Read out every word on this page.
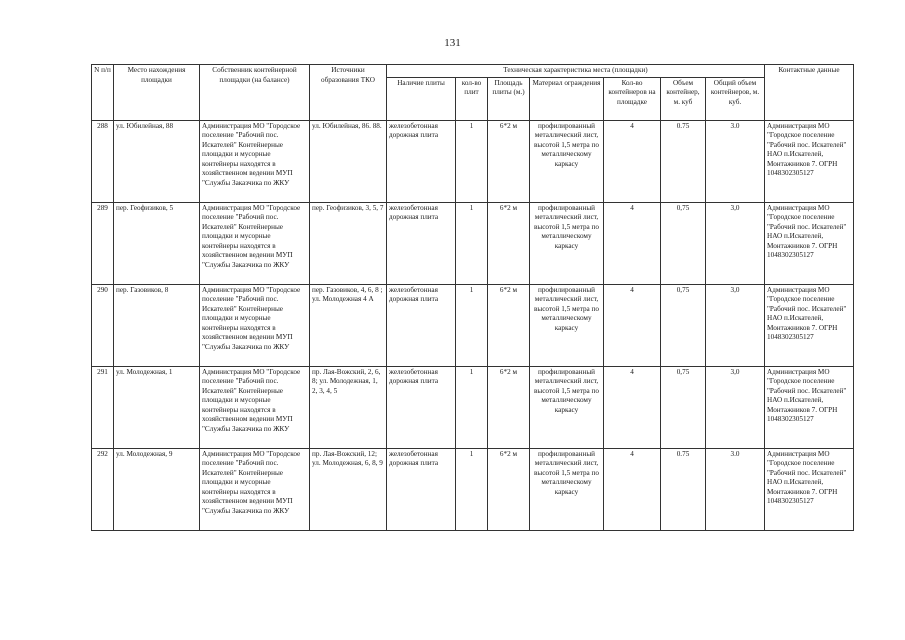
131
N п/п	Место нахождения площадки	Собственник контейнерной площадки (на балансе)	Источники образования ТКО	Техническая характеристика места (площадки)							Контактные данные
				Наличие плиты	кол-во плит	Площадь плиты (м.)	Материал ограждения	Кол-во контейнеров на площадке	Объем контейнер, м. куб	Общий объем контейнеров, м. куб.	
288	ул. Юбилейная, 88	Администрация МО "Городское поселение "Рабочий пос. Искателей" Контейнерные площадки и мусорные контейнеры находятся в хозяйственном ведении МУП "Службы Заказчика по ЖКУ	ул. Юбилейная, 86. 88.	железобетонная дорожная плита	1	6*2 м	профилированный металлический лист, высотой 1,5 метра по металлическому каркасу	4	0.75	3.0	Администрация МО "Городское поселение "Рабочий пос. Искателей" НАО п.Искателей, Монтажников 7. ОГРН 1048302305127
289	пер. Геофизиков, 5	Администрация МО "Городское поселение "Рабочий пос. Искателей" Контейнерные площадки и мусорные контейнеры находятся в хозяйственном ведении МУП "Службы Заказчика по ЖКУ	пер. Геофизиков, 3, 5, 7	железобетонная дорожная плита	1	6*2 м	профилированный металлический лист, высотой 1,5 метра по металлическому каркасу	4	0,75	3,0	Администрация МО "Городское поселение "Рабочий пос. Искателей" НАО п.Искателей, Монтажников 7. ОГРН 1048302305127
290	пер. Газовиков, 8	Администрация МО "Городское поселение "Рабочий пос. Искателей" Контейнерные площадки и мусорные контейнеры находятся в хозяйственном ведении МУП "Службы Заказчика по ЖКУ	пер. Газовиков, 4, 6, 8 ; ул. Молодежная 4 А	железобетонная дорожная плита	1	6*2 м	профилированный металлический лист, высотой 1,5 метра по металлическому каркасу	4	0,75	3,0	Администрация МО "Городское поселение "Рабочий пос. Искателей" НАО п.Искателей, Монтажников 7. ОГРН 1048302305127
291	ул. Молодежная, 1	Администрация МО "Городское поселение "Рабочий пос. Искателей" Контейнерные площадки и мусорные контейнеры находятся в хозяйственном ведении МУП "Службы Заказчика по ЖКУ	пр. Лая-Вожский, 2, 6, 8; ул. Молодежная, 1, 2, 3, 4, 5	железобетонная дорожная плита	1	6*2 м	профилированный металлический лист, высотой 1,5 метра по металлическому каркасу	4	0,75	3,0	Администрация МО "Городское поселение "Рабочий пос. Искателей" НАО п.Искателей, Монтажников 7. ОГРН 1048302305127
292	ул. Молодежная, 9	Администрация МО "Городское поселение "Рабочий пос. Искателей" Контейнерные площадки и мусорные контейнеры находятся в хозяйственном ведении МУП "Службы Заказчика по ЖКУ	пр. Лая-Вожский, 12; ул. Молодежная, 6, 8, 9	железобетонная дорожная плита	1	6*2 м	профилированный металлический лист, высотой 1,5 метра по металлическому каркасу	4	0.75	3.0	Администрация МО "Городское поселение "Рабочий пос. Искателей" НАО п.Искателей, Монтажников 7. ОГРН 1048302305127
